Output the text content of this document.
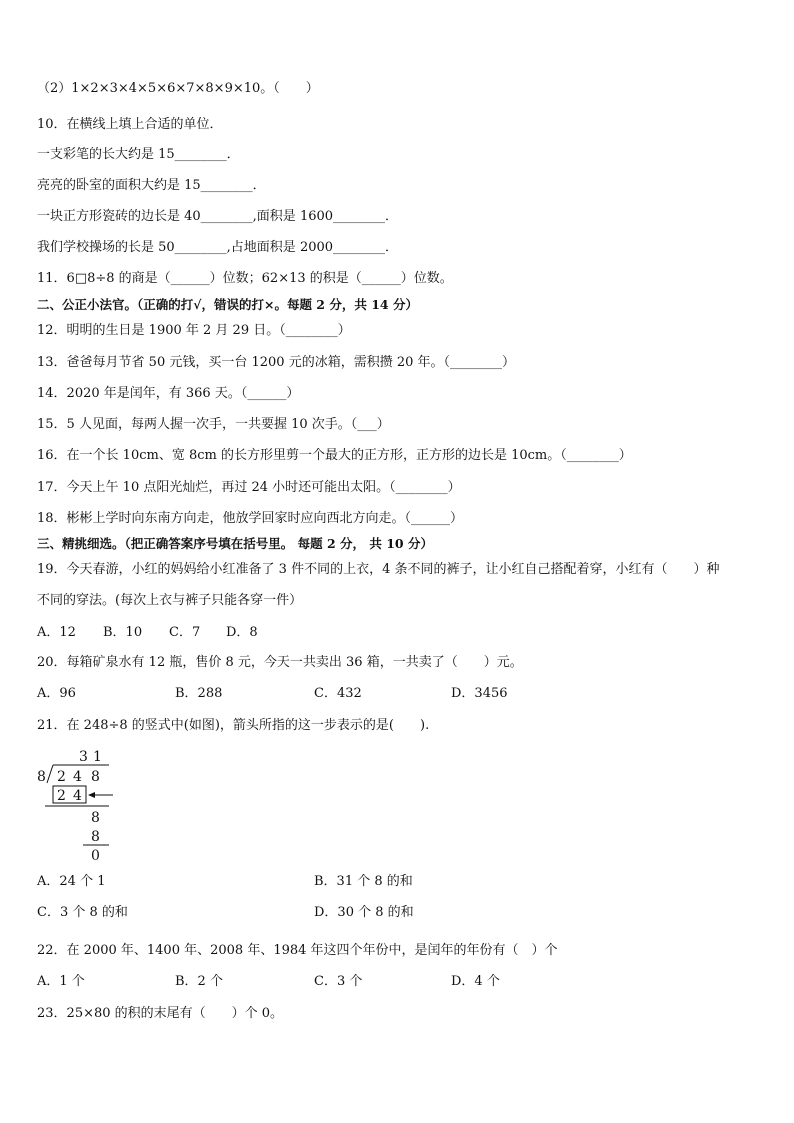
（2）1×2×3×4×5×6×7×8×9×10。（　　）
10．在横线上填上合适的单位．
一支彩笔的长大约是 15________．
亮亮的卧室的面积大约是 15________．
一块正方形瓷砖的边长是 40________,面积是 1600________．
我们学校操场的长是 50________,占地面积是 2000________．
11．6□8÷8 的商是（______）位数；62×13 的积是（______）位数。
二、公正小法官。（正确的打√，错误的打×。每题 2 分，共 14 分）
12．明明的生日是 1900 年 2 月 29 日。（________）
13．爸爸每月节省 50 元钱，买一台 1200 元的冰箱，需积攒 20 年。（________）
14．2020 年是闰年，有 366 天。（______）
15．5 人见面，每两人握一次手，一共要握 10 次手。（___）
16．在一个长 10cm、宽 8cm 的长方形里剪一个最大的正方形，正方形的边长是 10cm。（________）
17．今天上午 10 点阳光灿烂，再过 24 小时还可能出太阳。（________）
18．彬彬上学时向东南方向走，他放学回家时应向西北方向走。（______）
三、精挑细选。（把正确答案序号填在括号里。 每题 2 分， 共 10 分）
19．今天春游，小红的妈妈给小红准备了 3 件不同的上衣，4 条不同的裤子，让小红自己搭配着穿，小红有（　　）种
不同的穿法。(每次上衣与裤子只能各穿一件）
A．12 B．10 C．7 D．8
20．每箱矿泉水有 12 瓶，售价 8 元，今天一共卖出 36 箱，一共卖了（　　）元。
A．96	B．288	C．432	D．3456
21．在 248÷8 的竖式中(如图)，箭头所指的这一步表示的是(　　).
3 1
8 2 4 8
2 4
8
8
0
A．24 个 1	B．31 个 8 的和
C．3 个 8 的和	D．30 个 8 的和
22．在 2000 年、1400 年、2008 年、1984 年这四个年份中，是闰年的年份有（　）个
A．1 个	B．2 个	C．3 个	D．4 个
23．25×80 的积的末尾有（　　）个 0。
